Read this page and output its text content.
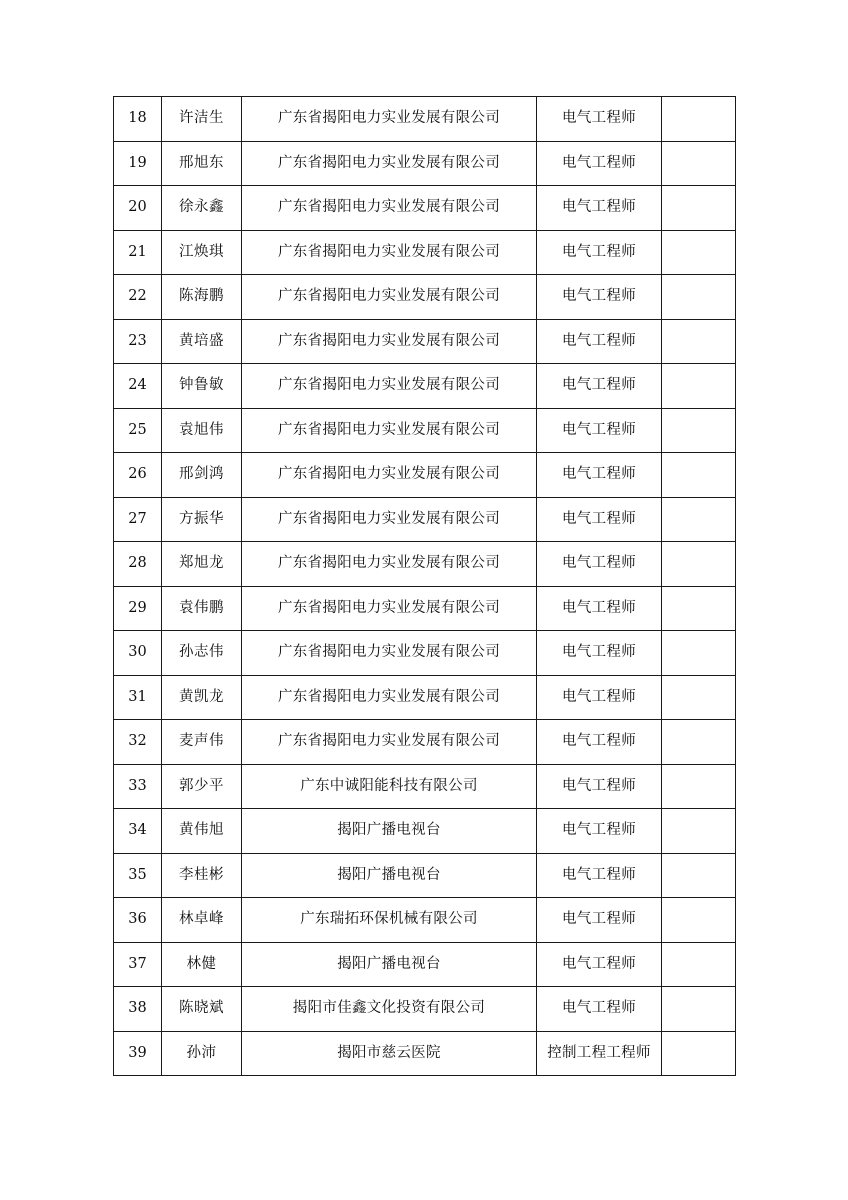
18	许洁生	广东省揭阳电力实业发展有限公司	电气工程师	
19	邢旭东	广东省揭阳电力实业发展有限公司	电气工程师	
20	徐永鑫	广东省揭阳电力实业发展有限公司	电气工程师	
21	江焕琪	广东省揭阳电力实业发展有限公司	电气工程师	
22	陈海鹏	广东省揭阳电力实业发展有限公司	电气工程师	
23	黄培盛	广东省揭阳电力实业发展有限公司	电气工程师	
24	钟鲁敏	广东省揭阳电力实业发展有限公司	电气工程师	
25	袁旭伟	广东省揭阳电力实业发展有限公司	电气工程师	
26	邢剑鸿	广东省揭阳电力实业发展有限公司	电气工程师	
27	方振华	广东省揭阳电力实业发展有限公司	电气工程师	
28	郑旭龙	广东省揭阳电力实业发展有限公司	电气工程师	
29	袁伟鹏	广东省揭阳电力实业发展有限公司	电气工程师	
30	孙志伟	广东省揭阳电力实业发展有限公司	电气工程师	
31	黄凯龙	广东省揭阳电力实业发展有限公司	电气工程师	
32	麦声伟	广东省揭阳电力实业发展有限公司	电气工程师	
33	郭少平	广东中诚阳能科技有限公司	电气工程师	
34	黄伟旭	揭阳广播电视台	电气工程师	
35	李桂彬	揭阳广播电视台	电气工程师	
36	林卓峰	广东瑞拓环保机械有限公司	电气工程师	
37	林健	揭阳广播电视台	电气工程师	
38	陈晓斌	揭阳市佳鑫文化投资有限公司	电气工程师	
39	孙沛	揭阳市慈云医院	控制工程工程师	
